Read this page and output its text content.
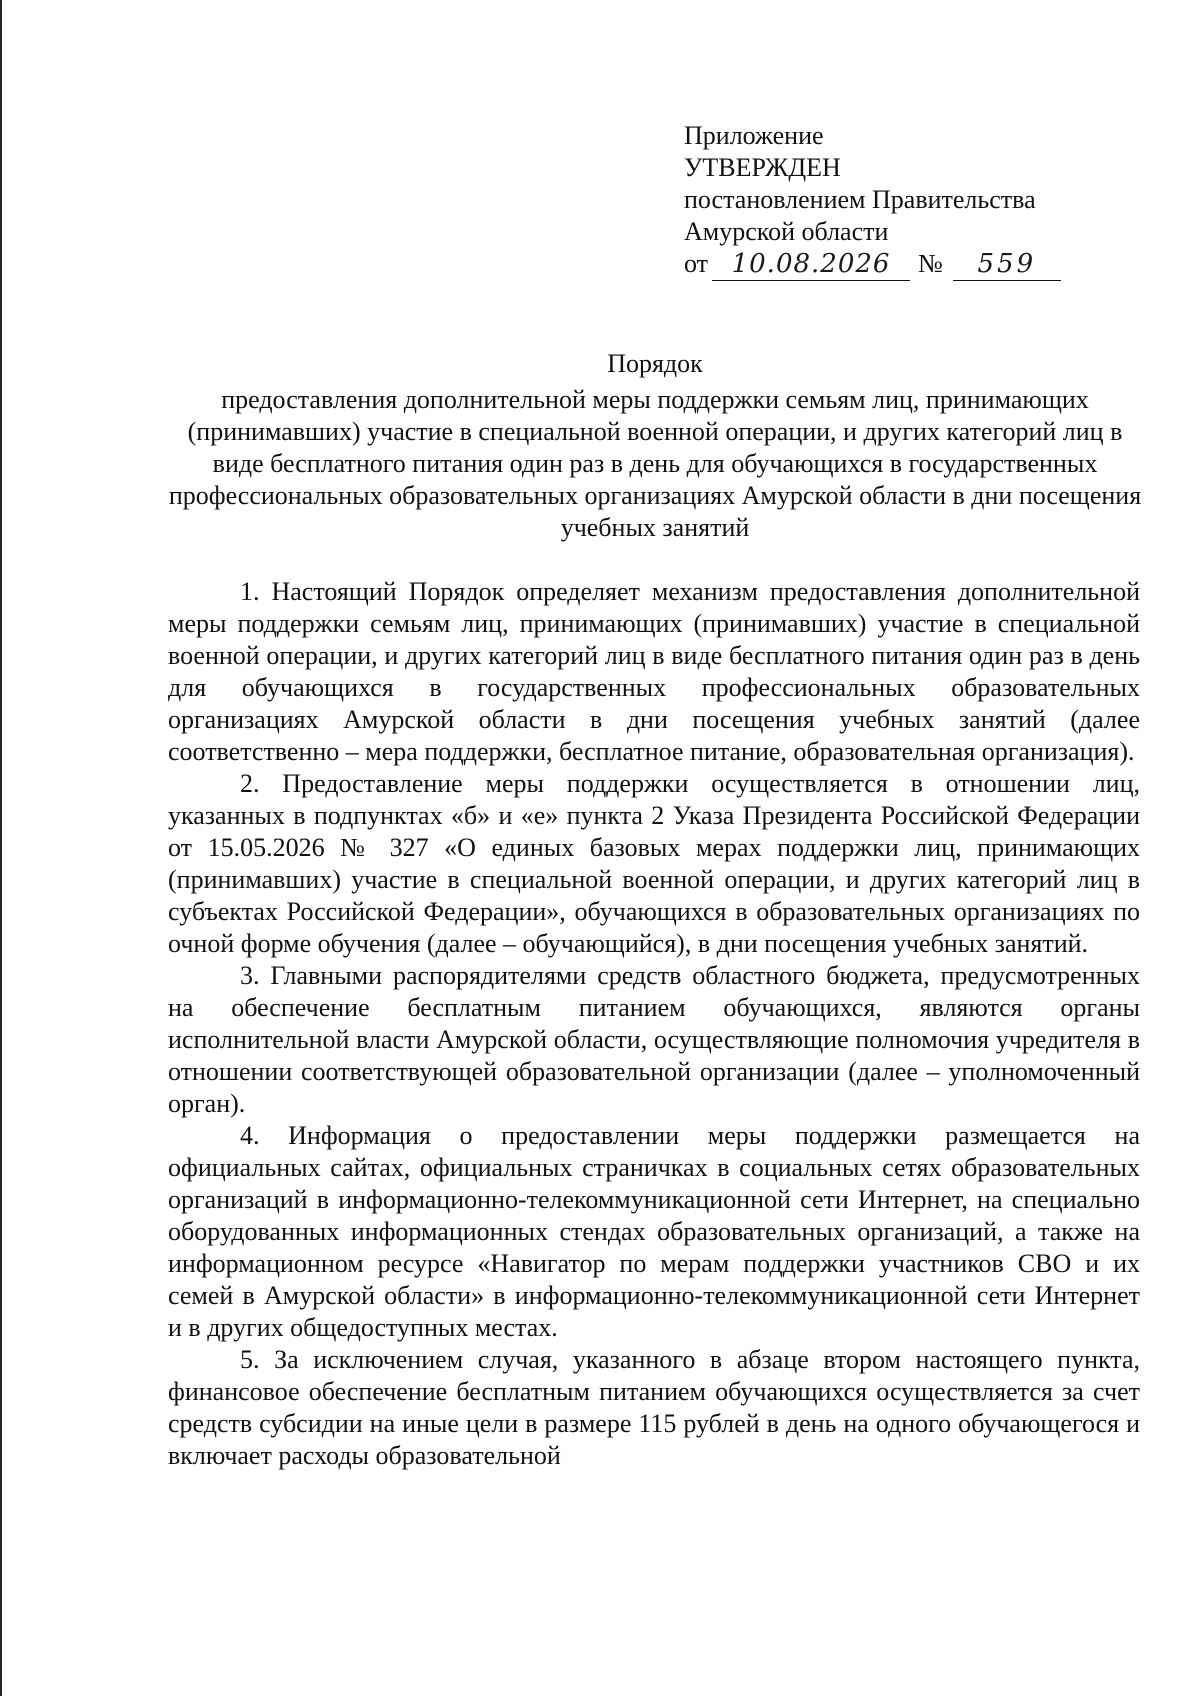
Приложение
УТВЕРЖДЕН
постановлением Правительства
Амурской области
от 10.08.2026	№	559
Порядок
предоставления дополнительной меры поддержки семьям лиц, принимающих (принимавших) участие в специальной военной операции, и других категорий лиц в виде бесплатного питания один раз в день для обучающихся в государственных профессиональных образовательных организациях Амурской области в дни посещения учебных занятий

1. Настоящий Порядок определяет механизм предоставления дополнительной меры поддержки семьям лиц, принимающих (принимавших) участие в специальной военной операции, и других категорий лиц в виде бесплатного питания один раз в день для обучающихся в государственных профессиональных образовательных организациях Амурской области в дни посещения учебных занятий (далее соответственно – мера поддержки, бесплатное питание, образовательная организация).

2. Предоставление меры поддержки осуществляется в отношении лиц, указанных в подпунктах «б» и «е» пункта 2 Указа Президента Российской Федерации от 15.05.2026 № 327 «О единых базовых мерах поддержки лиц, принимающих (принимавших) участие в специальной военной операции, и других категорий лиц в субъектах Российской Федерации», обучающихся в образовательных организациях по очной форме обучения (далее – обучающийся), в дни посещения учебных занятий.

3. Главными распорядителями средств областного бюджета, предусмотренных на обеспечение бесплатным питанием обучающихся, являются органы исполнительной власти Амурской области, осуществляющие полномочия учредителя в отношении соответствующей образовательной организации (далее – уполномоченный орган).

4. Информация о предоставлении меры поддержки размещается на официальных сайтах, официальных страничках в социальных сетях образовательных организаций в информационно-телекоммуникационной сети Интернет, на специально оборудованных информационных стендах образовательных организаций, а также на информационном ресурсе «Навигатор по мерам поддержки участников СВО и их семей в Амурской области» в информационно-телекоммуникационной сети Интернет и в других общедоступных местах.

5. За исключением случая, указанного в абзаце втором настоящего пункта, финансовое обеспечение бесплатным питанием обучающихся осуществляется за счет средств субсидии на иные цели в размере 115 рублей в день на одного обучающегося и включает расходы образовательной
